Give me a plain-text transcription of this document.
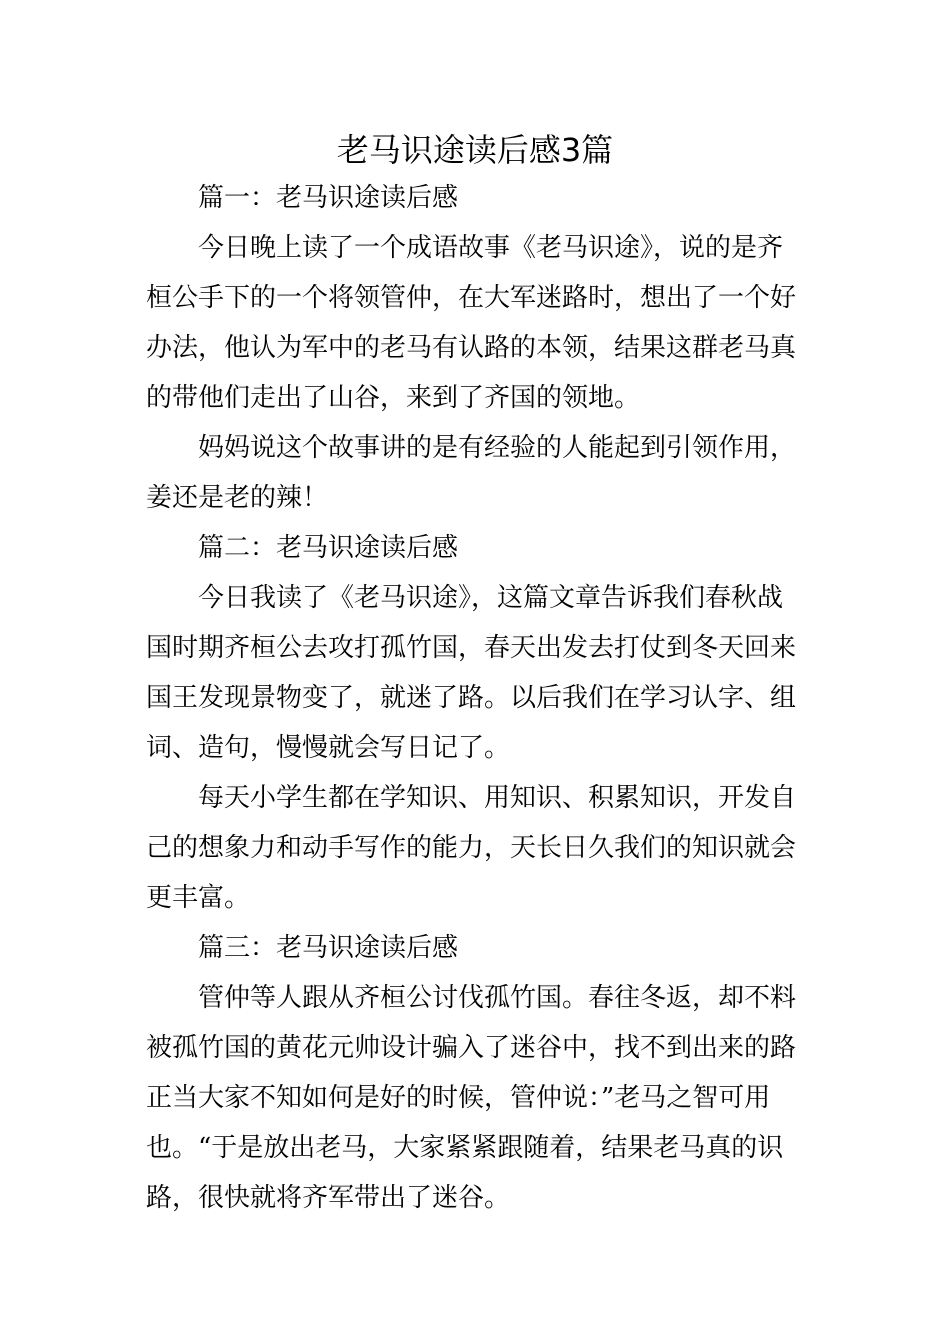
老马识途读后感3篇
篇一：老马识途读后感
今日晚上读了一个成语故事《老马识途》，说的是齐
桓公手下的一个将领管仲，在大军迷路时，想出了一个好
办法，他认为军中的老马有认路的本领，结果这群老马真
的带他们走出了山谷，来到了齐国的领地。
妈妈说这个故事讲的是有经验的人能起到引领作用，
姜还是老的辣！
篇二：老马识途读后感
今日我读了《老马识途》，这篇文章告诉我们春秋战
国时期齐桓公去攻打孤竹国，春天出发去打仗到冬天回来
国王发现景物变了，就迷了路。以后我们在学习认字、组
词、造句，慢慢就会写日记了。
每天小学生都在学知识、用知识、积累知识，开发自
己的想象力和动手写作的能力，天长日久我们的知识就会
更丰富。
篇三：老马识途读后感
管仲等人跟从齐桓公讨伐孤竹国。春往冬返，却不料
被孤竹国的黄花元帅设计骗入了迷谷中，找不到出来的路
正当大家不知如何是好的时候，管仲说：”老马之智可用
也。“于是放出老马，大家紧紧跟随着，结果老马真的识
路，很快就将齐军带出了迷谷。
